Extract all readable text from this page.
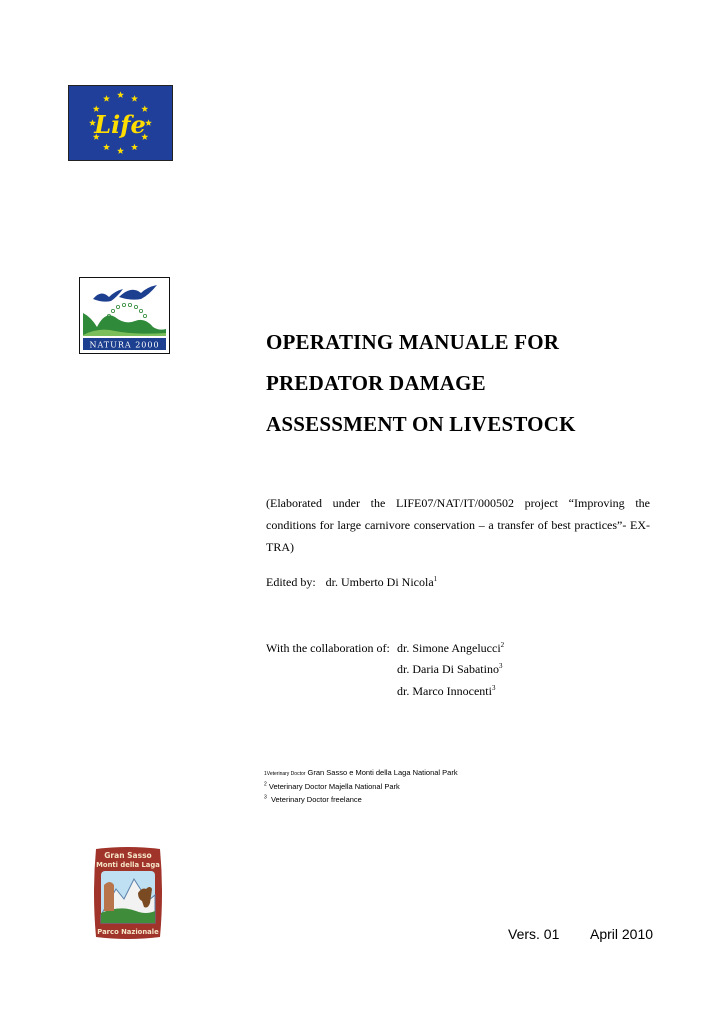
Life
NATURA 2000	OPERATING MANUALE FOR
PREDATOR DAMAGE
ASSESSMENT ON LIVESTOCK
(Elaborated under the LIFE07/NAT/IT/000502 project “Improving the
conditions for large carnivore conservation – a transfer of best practices”- EX-
TRA)
Edited by: dr. Umberto Di Nicola$^1$
With the collaboration of: dr. Simone Angelucci$^2$
dr. Daria Di Sabatino$^3$
dr. Marco Innocenti$^3$
1Veterinary Doctor Gran Sasso e Monti della Laga National Park
$^2$ Veterinary Doctor Majella National Park
$^3$ Veterinary Doctor freelance
Gran Sasso
Monti della Laga
Parco Nazionale	Vers. 01 April 2010
